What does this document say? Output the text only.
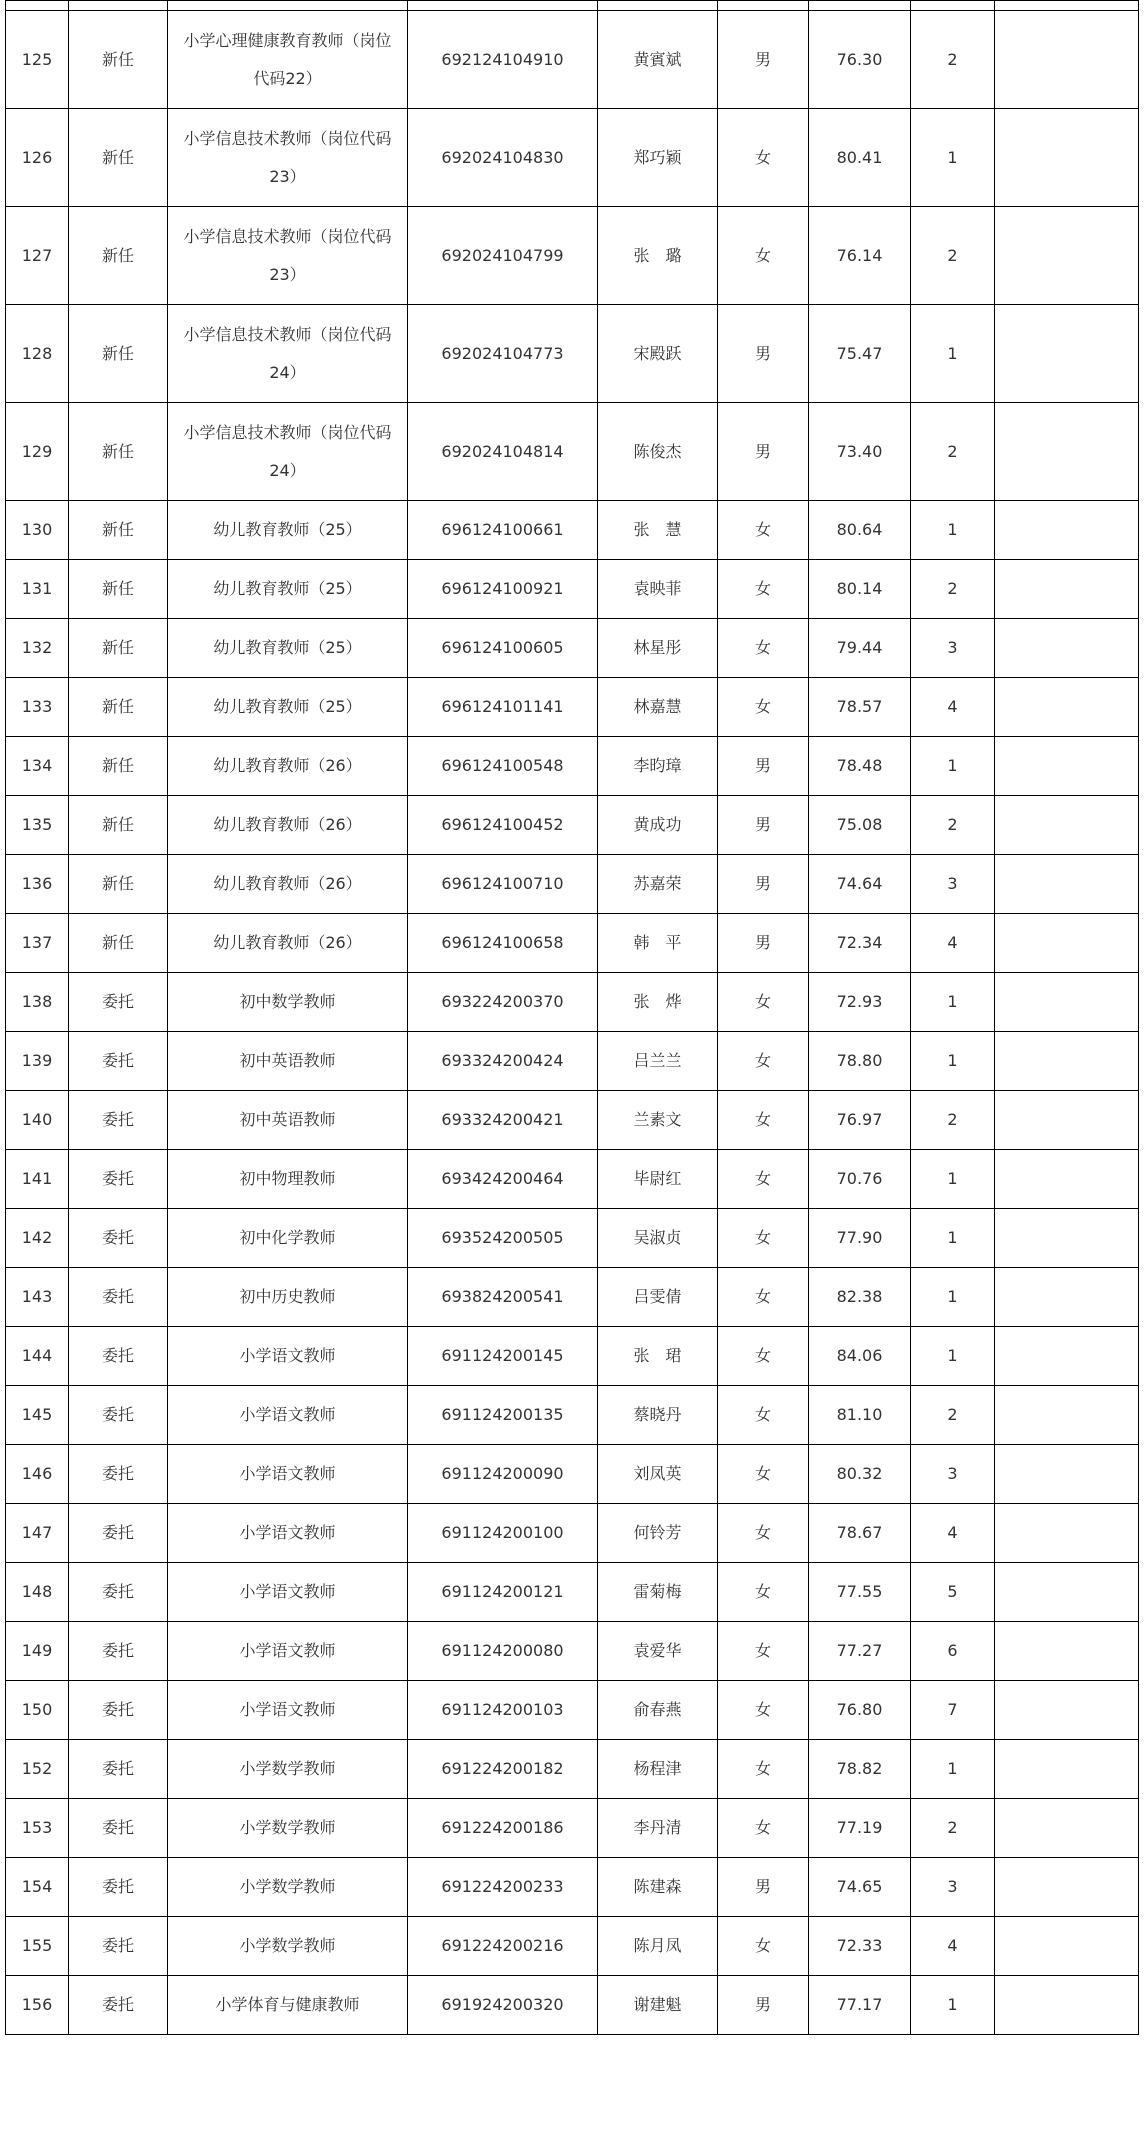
125	新任	小学心理健康教育教师（岗位代码22）	692124104910	黄賓斌	男	76.30	2	
126	新任	小学信息技术教师（岗位代码23）	692024104830	郑巧颖	女	80.41	1	
127	新任	小学信息技术教师（岗位代码23）	692024104799	张　璐	女	76.14	2	
128	新任	小学信息技术教师（岗位代码24）	692024104773	宋殿跃	男	75.47	1	
129	新任	小学信息技术教师（岗位代码24）	692024104814	陈俊杰	男	73.40	2	
130	新任	幼儿教育教师（25）	696124100661	张　慧	女	80.64	1	
131	新任	幼儿教育教师（25）	696124100921	袁映菲	女	80.14	2	
132	新任	幼儿教育教师（25）	696124100605	林星彤	女	79.44	3	
133	新任	幼儿教育教师（25）	696124101141	林嘉慧	女	78.57	4	
134	新任	幼儿教育教师（26）	696124100548	李昀璋	男	78.48	1	
135	新任	幼儿教育教师（26）	696124100452	黄成功	男	75.08	2	
136	新任	幼儿教育教师（26）	696124100710	苏嘉荣	男	74.64	3	
137	新任	幼儿教育教师（26）	696124100658	韩　平	男	72.34	4	
138	委托	初中数学教师	693224200370	张　烨	女	72.93	1	
139	委托	初中英语教师	693324200424	吕兰兰	女	78.80	1	
140	委托	初中英语教师	693324200421	兰素文	女	76.97	2	
141	委托	初中物理教师	693424200464	毕尉红	女	70.76	1	
142	委托	初中化学教师	693524200505	吴淑贞	女	77.90	1	
143	委托	初中历史教师	693824200541	吕雯倩	女	82.38	1	
144	委托	小学语文教师	691124200145	张　珺	女	84.06	1	
145	委托	小学语文教师	691124200135	蔡晓丹	女	81.10	2	
146	委托	小学语文教师	691124200090	刘凤英	女	80.32	3	
147	委托	小学语文教师	691124200100	何铃芳	女	78.67	4	
148	委托	小学语文教师	691124200121	雷菊梅	女	77.55	5	
149	委托	小学语文教师	691124200080	袁爱华	女	77.27	6	
150	委托	小学语文教师	691124200103	俞春燕	女	76.80	7	
152	委托	小学数学教师	691224200182	杨程津	女	78.82	1	
153	委托	小学数学教师	691224200186	李丹清	女	77.19	2	
154	委托	小学数学教师	691224200233	陈建森	男	74.65	3	
155	委托	小学数学教师	691224200216	陈月凤	女	72.33	4	
156	委托	小学体育与健康教师	691924200320	谢建魁	男	77.17	1	
